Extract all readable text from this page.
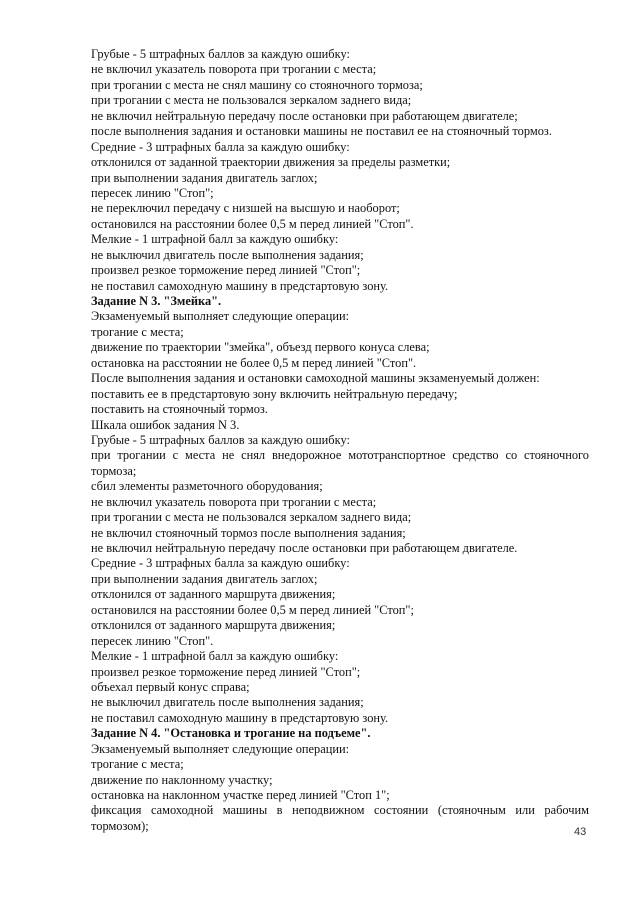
Грубые - 5 штрафных баллов за каждую ошибку:
не включил указатель поворота при трогании с места;
при трогании с места не снял машину со стояночного тормоза;
при трогании с места не пользовался зеркалом заднего вида;
не включил нейтральную передачу после остановки при работающем двигателе;
после выполнения задания и остановки машины не поставил ее на стояночный тормоз.
Средние - 3 штрафных балла за каждую ошибку:
отклонился от заданной траектории движения за пределы разметки;
при выполнении задания двигатель заглох;
пересек линию "Стоп";
не переключил передачу с низшей на высшую и наоборот;
остановился на расстоянии более 0,5 м перед линией "Стоп".
Мелкие - 1 штрафной балл за каждую ошибку:
не выключил двигатель после выполнения задания;
произвел резкое торможение перед линией "Стоп";
не поставил самоходную машину в предстартовую зону.
Задание N 3. "Змейка".
Экзаменуемый выполняет следующие операции:
трогание с места;
движение по траектории "змейка", объезд первого конуса слева;
остановка на расстоянии не более 0,5 м перед линией "Стоп".
После выполнения задания и остановки самоходной машины экзаменуемый должен:
поставить ее в предстартовую зону включить нейтральную передачу;
поставить на стояночный тормоз.
Шкала ошибок задания N 3.
Грубые - 5 штрафных баллов за каждую ошибку:
при трогании с места не снял внедорожное мототранспортное средство со стояночного тормоза;
сбил элементы разметочного оборудования;
не включил указатель поворота при трогании с места;
при трогании с места не пользовался зеркалом заднего вида;
не включил стояночный тормоз после выполнения задания;
не включил нейтральную передачу после остановки при работающем двигателе.
Средние - 3 штрафных балла за каждую ошибку:
при выполнении задания двигатель заглох;
отклонился от заданного маршрута движения;
остановился на расстоянии более 0,5 м перед линией "Стоп";
отклонился от заданного маршрута движения;
пересек линию "Стоп".
Мелкие - 1 штрафной балл за каждую ошибку:
произвел резкое торможение перед линией "Стоп";
объехал первый конус справа;
не выключил двигатель после выполнения задания;
не поставил самоходную машину в предстартовую зону.
Задание N 4. "Остановка и трогание на подъеме".
Экзаменуемый выполняет следующие операции:
трогание с места;
движение по наклонному участку;
остановка на наклонном участке перед линией "Стоп 1";
фиксация самоходной машины в неподвижном состоянии (стояночным или рабочим тормозом);	43
